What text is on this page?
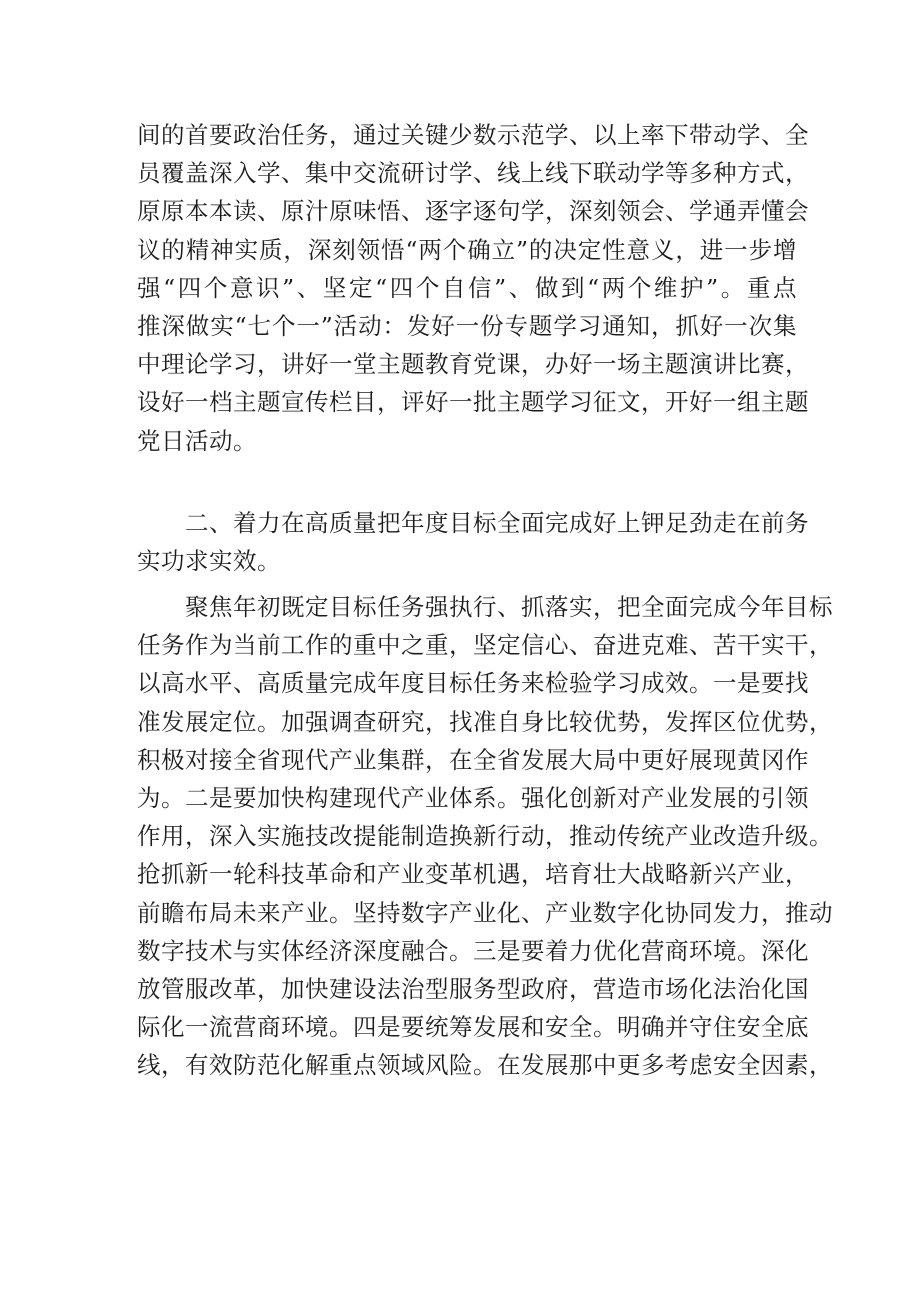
间的首要政治任务，通过关键少数示范学、以上率下带动学、全
员覆盖深入学、集中交流研讨学、线上线下联动学等多种方式，
原原本本读、原汁原味悟、逐字逐句学，深刻领会、学通弄懂会
议的精神实质，深刻领悟“两个确立”的决定性意义，进一步增
强“四个意识”、坚定“四个自信”、做到“两个维护”。重点
推深做实“七个一”活动：发好一份专题学习通知，抓好一次集
中理论学习，讲好一堂主题教育党课，办好一场主题演讲比赛，
设好一档主题宣传栏目，评好一批主题学习征文，开好一组主题
党日活动。
二、着力在高质量把年度目标全面完成好上钾足劲走在前务
实功求实效。
聚焦年初既定目标任务强执行、抓落实，把全面完成今年目标
任务作为当前工作的重中之重，坚定信心、奋进克难、苦干实干，
以高水平、高质量完成年度目标任务来检验学习成效。一是要找
准发展定位。加强调查研究，找准自身比较优势，发挥区位优势，
积极对接全省现代产业集群，在全省发展大局中更好展现黄冈作
为。二是要加快构建现代产业体系。强化创新对产业发展的引领
作用，深入实施技改提能制造换新行动，推动传统产业改造升级。
抢抓新一轮科技革命和产业变革机遇，培育壮大战略新兴产业，
前瞻布局未来产业。坚持数字产业化、产业数字化协同发力，推动
数字技术与实体经济深度融合。三是要着力优化营商环境。深化
放管服改革，加快建设法治型服务型政府，营造市场化法治化国
际化一流营商环境。四是要统筹发展和安全。明确并守住安全底
线，有效防范化解重点领域风险。在发展那中更多考虑安全因素，
